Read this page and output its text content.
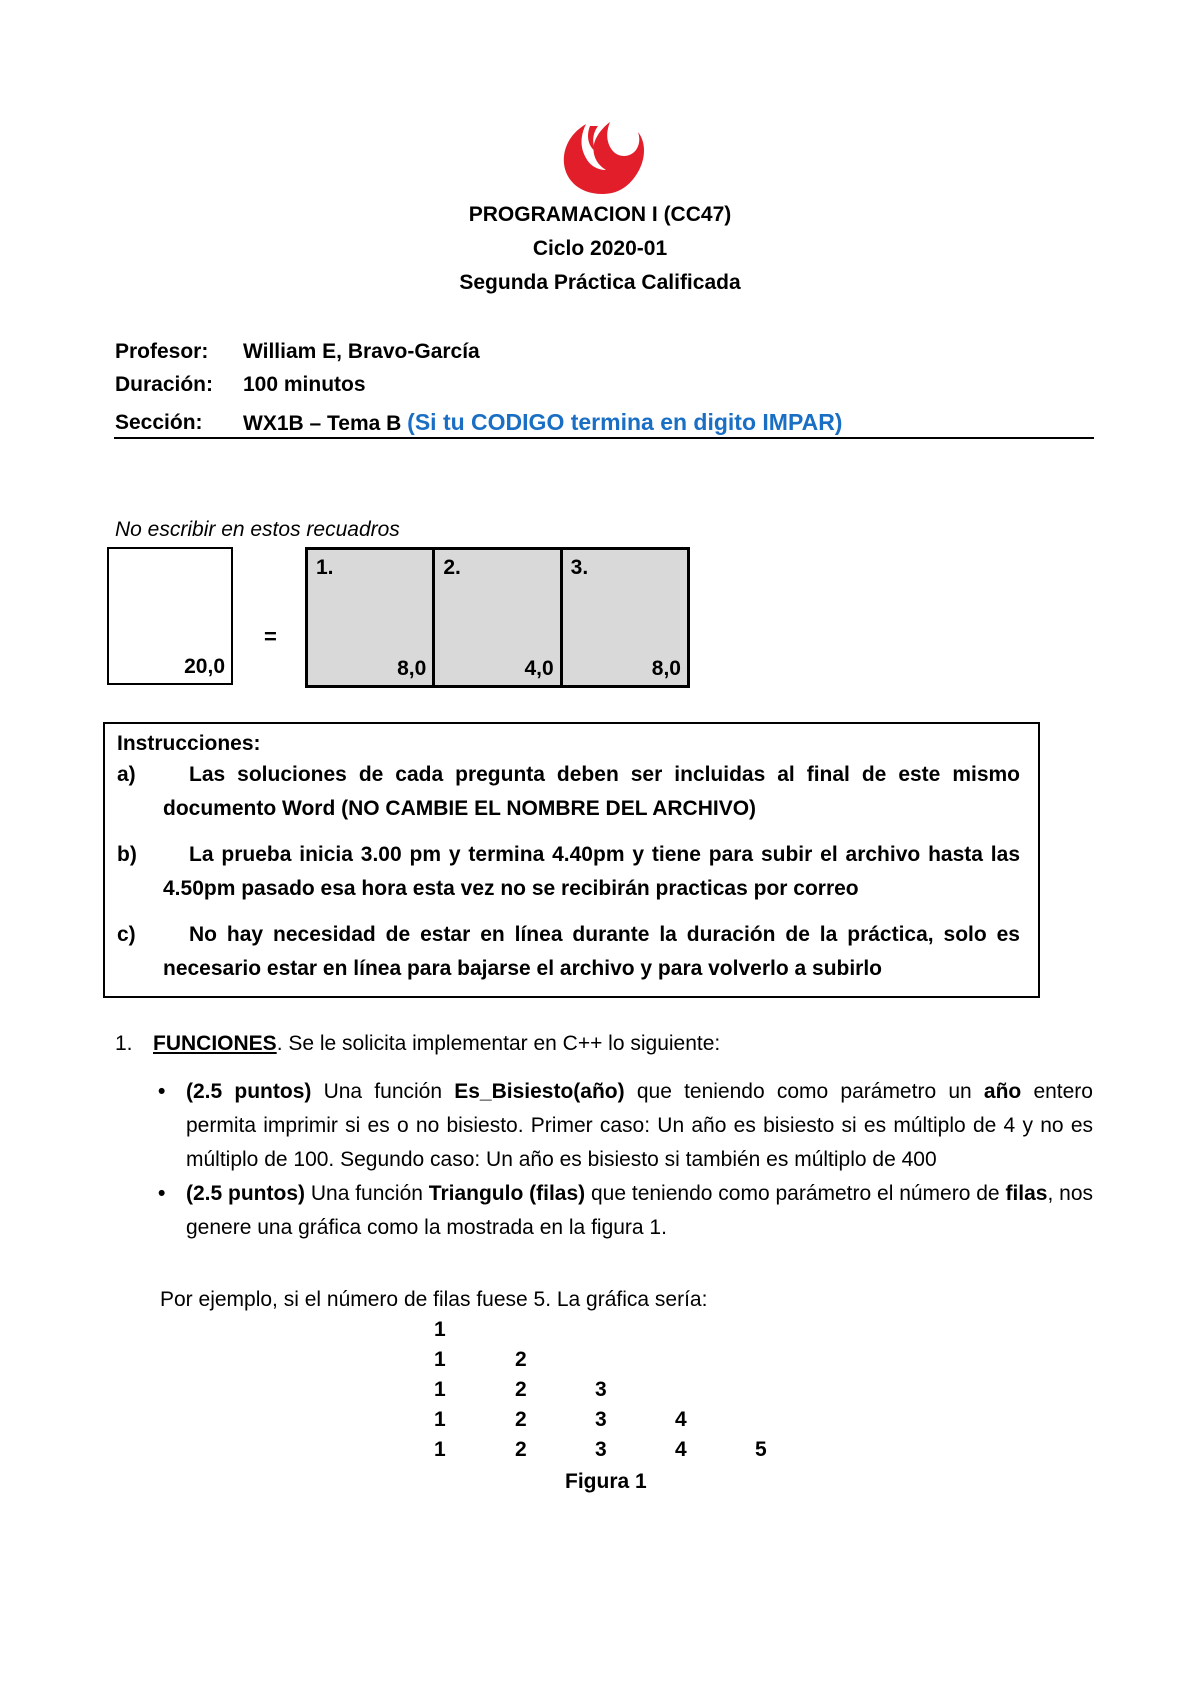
PROGRAMACION I (CC47)
Ciclo 2020-01
Segunda Práctica Calificada
Profesor: William E, Bravo-García
Duración: 100 minutos
Sección: WX1B – Tema B (Si tu CODIGO termina en digito IMPAR)
No escribir en estos recuadros
20,0
=
1.
8,0
2.
4,0
3.
8,0
Instrucciones:
a)	Las soluciones de cada pregunta deben ser incluidas al final de este mismo documento Word (NO CAMBIE EL NOMBRE DEL ARCHIVO)
b)	La prueba inicia 3.00 pm y termina 4.40pm y tiene para subir el archivo hasta las 4.50pm pasado esa hora esta vez no se recibirán practicas por correo
c)	No hay necesidad de estar en línea durante la duración de la práctica, solo es necesario estar en línea para bajarse el archivo y para volverlo a subirlo
1. FUNCIONES. Se le solicita implementar en C++ lo siguiente:
• (2.5 puntos) Una función Es_Bisiesto(año) que teniendo como parámetro un año entero permita imprimir si es o no bisiesto. Primer caso: Un año es bisiesto si es múltiplo de 4 y no es múltiplo de 100. Segundo caso: Un año es bisiesto si también es múltiplo de 400
• (2.5 puntos) Una función Triangulo (filas) que teniendo como parámetro el número de filas, nos genere una gráfica como la mostrada en la figura 1.
Por ejemplo, si el número de filas fuese 5. La gráfica sería:
1
1	2
1	2	3
1	2	3	4
1	2	3	4	5
Figura 1
